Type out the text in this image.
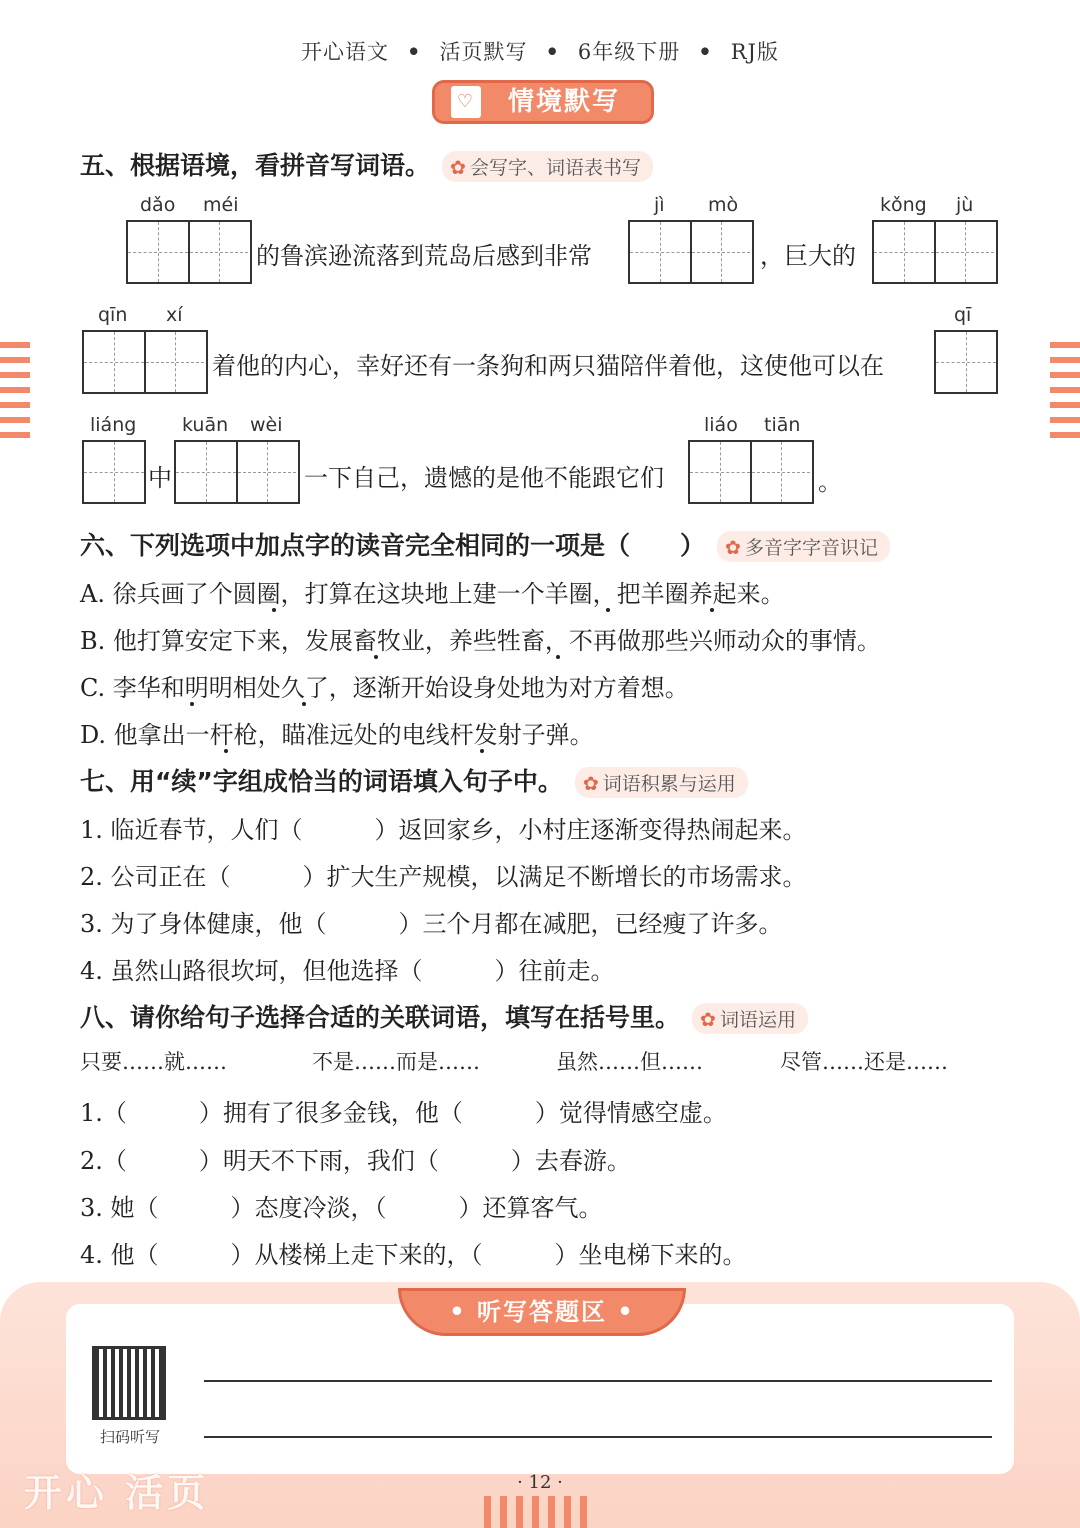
开心语文 • 活页默写 • 6年级下册 • RJ版
♡ 情境默写
五、根据语境，看拼音写词语。 ✿ 会写字、词语表书写
dǎo méi
的鲁滨逊流落到荒岛后感到非常
jì mò
，巨大的
kǒng jù
qīn xí
着他的内心，幸好还有一条狗和两只猫陪伴着他，这使他可以在
qī
liáng
中
kuān wèi
一下自己，遗憾的是他不能跟它们
liáo tiān
。
六、下列选项中加点字的读音完全相同的一项是（　　） ✿ 多音字字音识记
A. 徐兵画了个圆圈，打算在这块地上建一个羊圈，把羊圈养起来。
B. 他打算安定下来，发展畜牧业，养些牲畜，不再做那些兴师动众的事情。
C. 李华和明明相处久了，逐渐开始设身处地为对方着想。
D. 他拿出一杆枪，瞄准远处的电线杆发射子弹。
七、用“续”字组成恰当的词语填入句子中。 ✿ 词语积累与运用
1. 临近春节，人们（　　　）返回家乡，小村庄逐渐变得热闹起来。
2. 公司正在（　　　）扩大生产规模，以满足不断增长的市场需求。
3. 为了身体健康，他（　　　）三个月都在减肥，已经瘦了许多。
4. 虽然山路很坎坷，但他选择（　　　）往前走。
八、请你给句子选择合适的关联词语，填写在括号里。 ✿ 词语运用
只要……就……	不是……而是……	虽然……但……	尽管……还是……
1.（　　　）拥有了很多金钱，他（　　　）觉得情感空虚。
2.（　　　）明天不下雨，我们（　　　）去春游。
3. 她（　　　）态度冷淡，（　　　）还算客气。
4. 他（　　　）从楼梯上走下来的，（　　　）坐电梯下来的。
• 听写答题区 •
扫码听写
开心 活页	· 12 ·
